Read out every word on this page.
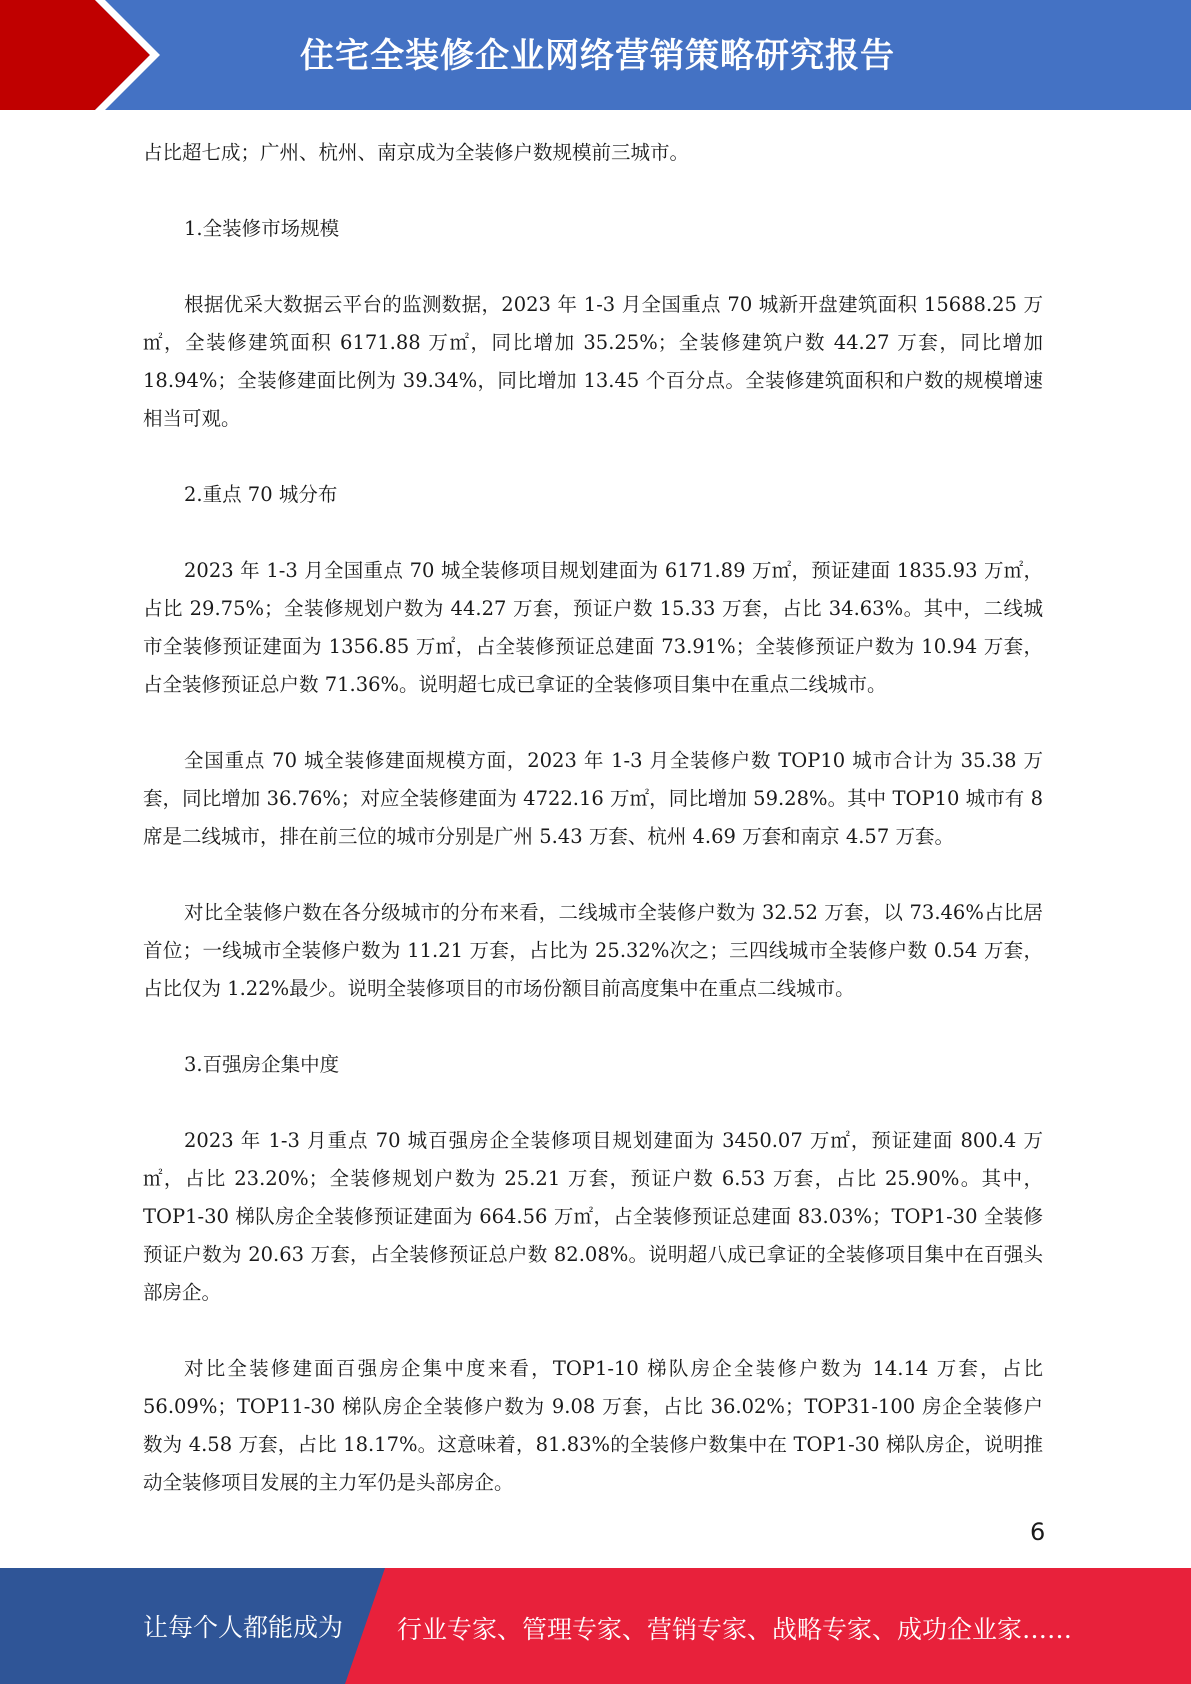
住宅全装修企业网络营销策略研究报告

占比超七成；广州、杭州、南京成为全装修户数规模前三城市。

1.全装修市场规模

根据优采大数据云平台的监测数据，2023 年 1-3 月全国重点 70 城新开盘建筑面积 15688.25 万㎡，全装修建筑面积 6171.88 万㎡，同比增加 35.25%；全装修建筑户数 44.27 万套，同比增加 18.94%；全装修建面比例为 39.34%，同比增加 13.45 个百分点。全装修建筑面积和户数的规模增速相当可观。

2.重点 70 城分布

2023 年 1-3 月全国重点 70 城全装修项目规划建面为 6171.89 万㎡，预证建面 1835.93 万㎡，占比 29.75%；全装修规划户数为 44.27 万套，预证户数 15.33 万套，占比 34.63%。其中，二线城市全装修预证建面为 1356.85 万㎡，占全装修预证总建面 73.91%；全装修预证户数为 10.94 万套，占全装修预证总户数 71.36%。说明超七成已拿证的全装修项目集中在重点二线城市。

全国重点 70 城全装修建面规模方面，2023 年 1-3 月全装修户数 TOP10 城市合计为 35.38 万套，同比增加 36.76%；对应全装修建面为 4722.16 万㎡，同比增加 59.28%。其中 TOP10 城市有 8 席是二线城市，排在前三位的城市分别是广州 5.43 万套、杭州 4.69 万套和南京 4.57 万套。

对比全装修户数在各分级城市的分布来看，二线城市全装修户数为 32.52 万套，以 73.46%占比居首位；一线城市全装修户数为 11.21 万套，占比为 25.32%次之；三四线城市全装修户数 0.54 万套，占比仅为 1.22%最少。说明全装修项目的市场份额目前高度集中在重点二线城市。

3.百强房企集中度

2023 年 1-3 月重点 70 城百强房企全装修项目规划建面为 3450.07 万㎡，预证建面 800.4 万㎡，占比 23.20%；全装修规划户数为 25.21 万套，预证户数 6.53 万套，占比 25.90%。其中，TOP1-30 梯队房企全装修预证建面为 664.56 万㎡，占全装修预证总建面 83.03%；TOP1-30 全装修预证户数为 20.63 万套，占全装修预证总户数 82.08%。说明超八成已拿证的全装修项目集中在百强头部房企。

对比全装修建面百强房企集中度来看，TOP1-10 梯队房企全装修户数为 14.14 万套，占比 56.09%；TOP11-30 梯队房企全装修户数为 9.08 万套，占比 36.02%；TOP31-100 房企全装修户数为 4.58 万套，占比 18.17%。这意味着，81.83%的全装修户数集中在 TOP1-30 梯队房企，说明推动全装修项目发展的主力军仍是头部房企。

6
让每个人都能成为 行业专家、管理专家、营销专家、战略专家、成功企业家……
